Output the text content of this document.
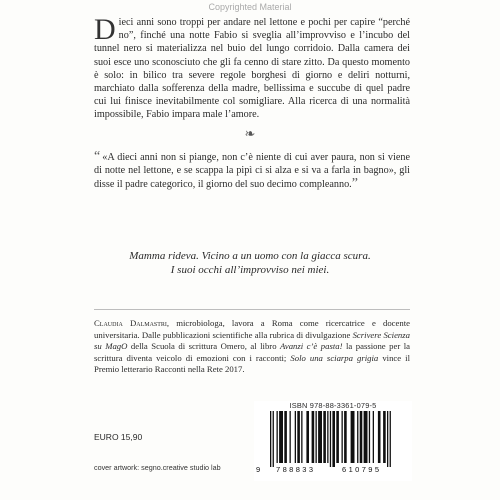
Copyrighted Material
Dieci anni sono troppi per andare nel lettone e pochi per capire “perché no”, finché una notte Fabio si sveglia all’improvviso e l’incubo del tunnel nero si materializza nel buio del lungo corridoio. Dalla camera dei suoi esce uno sconosciuto che gli fa cenno di stare zitto. Da questo momento è solo: in bilico tra severe regole borghesi di giorno e deliri notturni, marchiato dalla sofferenza della madre, bellissima e succube di quel padre cui lui finisce inevitabilmente col somigliare. Alla ricerca di una normalità impossibile, Fabio impara male l’amore.
❧
“ «A dieci anni non si piange, non c’è niente di cui aver paura, non si viene di notte nel lettone, e se scappa la pipì ci si alza e si va a farla in bagno», gli disse il padre categorico, il giorno del suo decimo compleanno.”
Mamma rideva. Vicino a un uomo con la giacca scura.
I suoi occhi all’improvviso nei miei.
Claudia Dalmastri, microbiologa, lavora a Roma come ricercatrice e docente universitaria. Dalle pubblicazioni scientifiche alla rubrica di divulgazione Scrivere Scienza su MagO della Scuola di scrittura Omero, al libro Avanzi c’è pasta! la passione per la scrittura diventa veicolo di emozioni con i racconti; Solo una sciarpa grigia vince il Premio letterario Racconti nella Rete 2017.
EURO 15,90
ISBN 978-88-3361-079-5
9 788833	610795
cover artwork: segno.creative studio lab
